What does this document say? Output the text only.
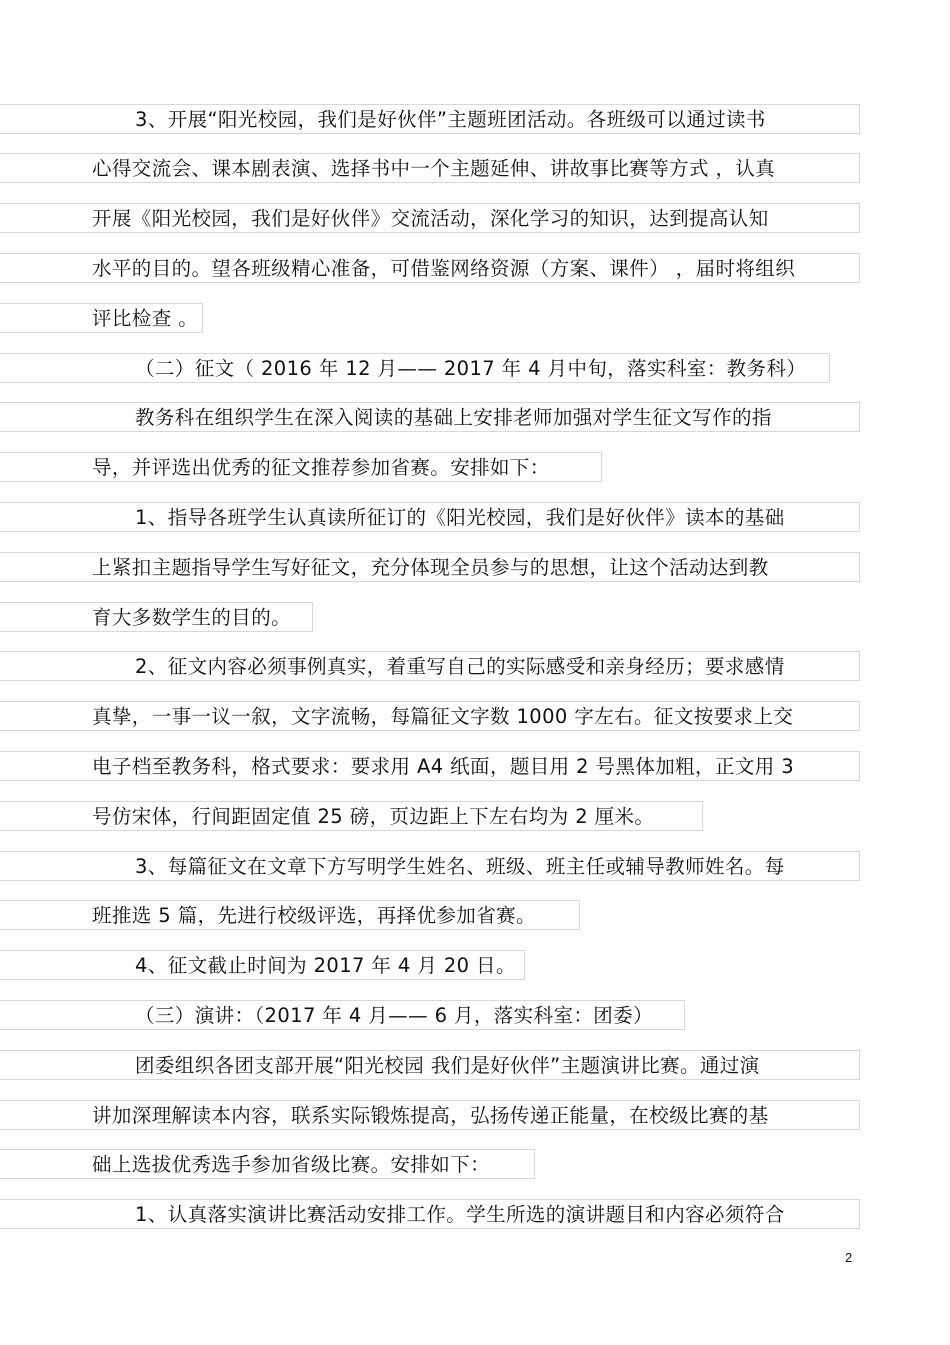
3、开展“阳光校园，我们是好伙伴”主题班团活动。各班级可以通过读书
心得交流会、课本剧表演、选择书中一个主题延伸、讲故事比赛等方式 ，认真
开展《阳光校园，我们是好伙伴》交流活动，深化学习的知识，达到提高认知
水平的目的。望各班级精心准备，可借鉴网络资源（方案、课件） ，届时将组织
评比检查 。
（二）征文（ 2016 年 12 月—— 2017 年 4 月中旬，落实科室：教务科）
教务科在组织学生在深入阅读的基础上安排老师加强对学生征文写作的指
导，并评选出优秀的征文推荐参加省赛。安排如下：
1、指导各班学生认真读所征订的《阳光校园，我们是好伙伴》读本的基础
上紧扣主题指导学生写好征文，充分体现全员参与的思想，让这个活动达到教
育大多数学生的目的。
2、征文内容必须事例真实，着重写自己的实际感受和亲身经历；要求感情
真挚，一事一议一叙，文字流畅，每篇征文字数 1000 字左右。征文按要求上交
电子档至教务科，格式要求：要求用 A4 纸面，题目用 2 号黑体加粗，正文用 3
号仿宋体，行间距固定值 25 磅，页边距上下左右均为 2 厘米。
3、每篇征文在文章下方写明学生姓名、班级、班主任或辅导教师姓名。每
班推选 5 篇，先进行校级评选，再择优参加省赛。
4、征文截止时间为 2017 年 4 月 20 日。
（三）演讲：（2017 年 4 月—— 6 月，落实科室：团委）
团委组织各团支部开展“阳光校园 我们是好伙伴”主题演讲比赛。通过演
讲加深理解读本内容，联系实际锻炼提高，弘扬传递正能量，在校级比赛的基
础上选拔优秀选手参加省级比赛。安排如下：
1、认真落实演讲比赛活动安排工作。学生所选的演讲题目和内容必须符合
2
